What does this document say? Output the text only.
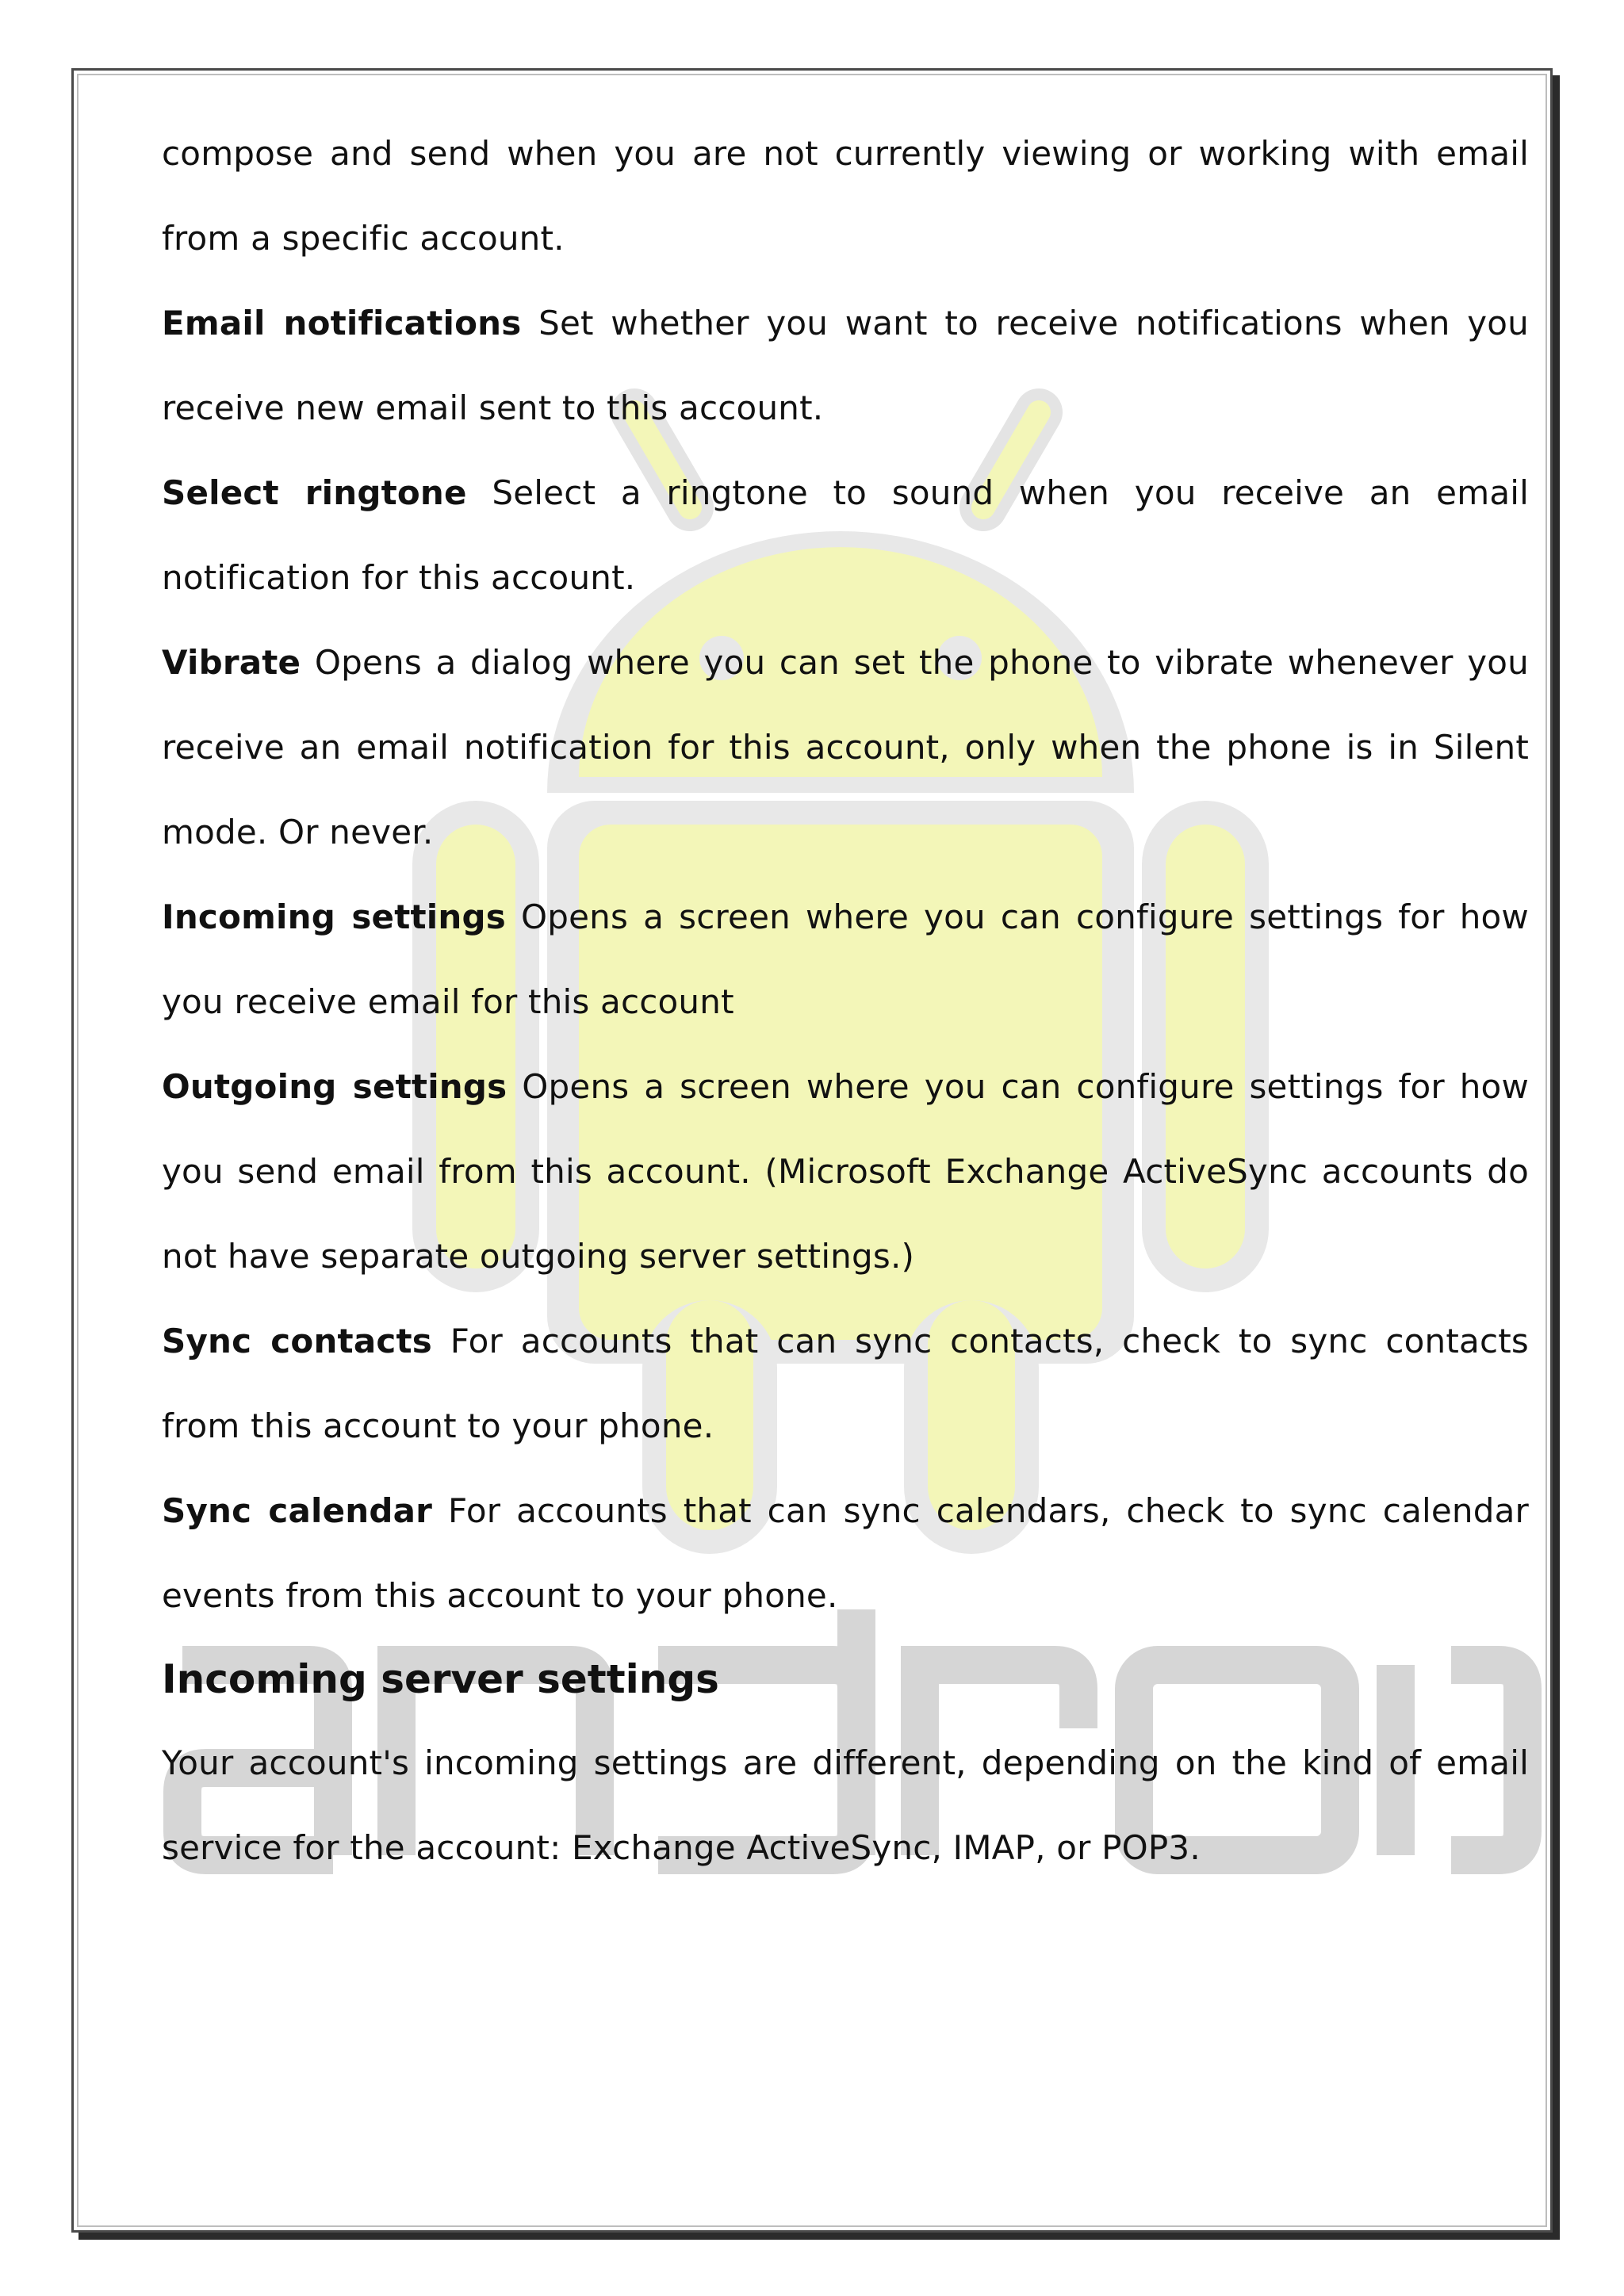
compose and send when you are not currently viewing or working with email from a specific account.

Email notifications Set whether you want to receive notifications when you receive new email sent to this account.

Select ringtone Select a ringtone to sound when you receive an email notification for this account.

Vibrate Opens a dialog where you can set the phone to vibrate whenever you receive an email notification for this account, only when the phone is in Silent mode. Or never.

Incoming settings Opens a screen where you can configure settings for how you receive email for this account

Outgoing settings Opens a screen where you can configure settings for how you send email from this account. (Microsoft Exchange ActiveSync accounts do not have separate outgoing server settings.)

Sync contacts For accounts that can sync contacts, check to sync contacts from this account to your phone.

Sync calendar For accounts that can sync calendars, check to sync calendar events from this account to your phone.

Incoming server settings

Your account's incoming settings are different, depending on the kind of email service for the account: Exchange ActiveSync, IMAP, or POP3.
